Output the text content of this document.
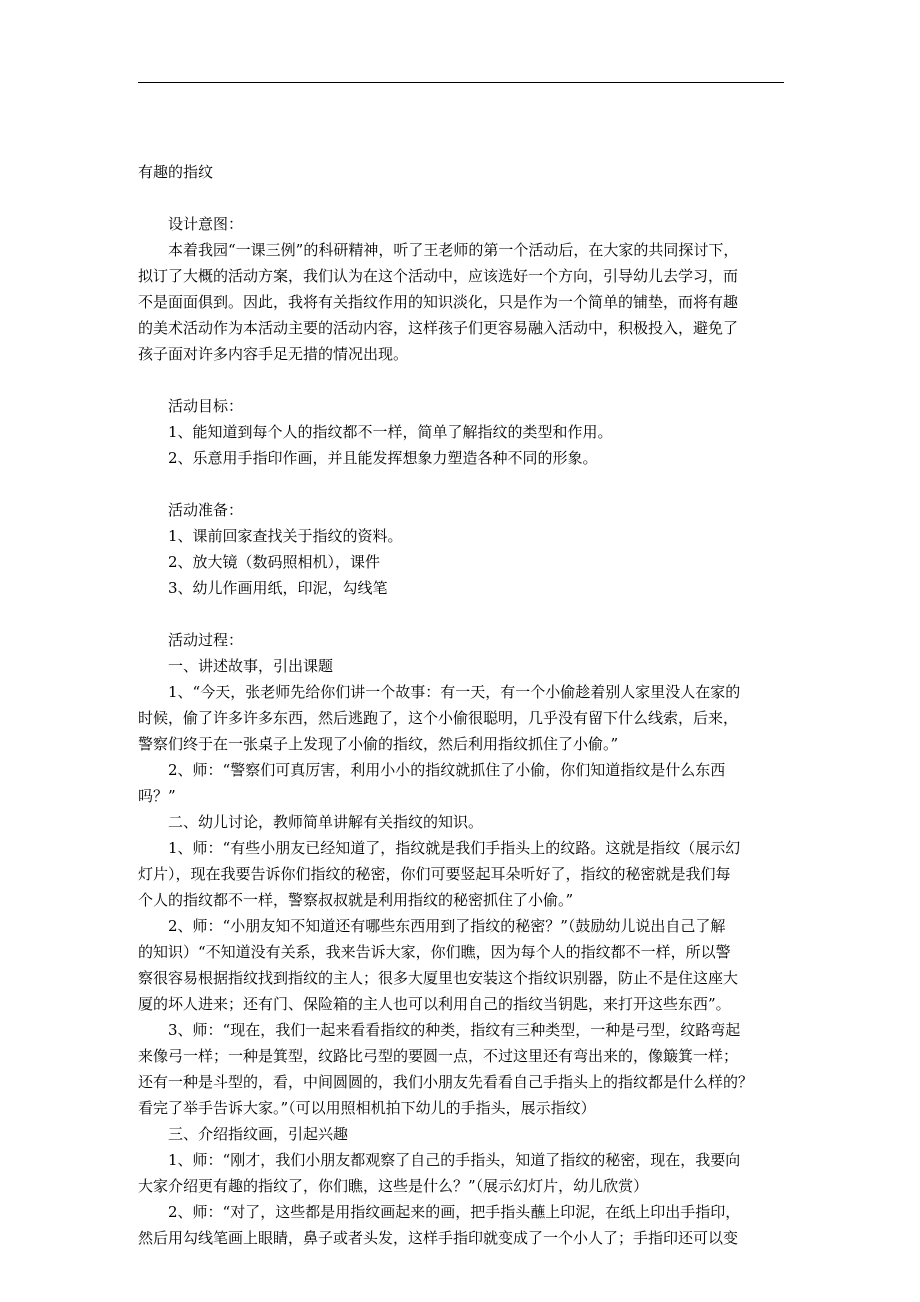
有趣的指纹
设计意图：
本着我园“一课三例”的科研精神，听了王老师的第一个活动后，在大家的共同探讨下，
拟订了大概的活动方案，我们认为在这个活动中，应该选好一个方向，引导幼儿去学习，而
不是面面俱到。因此，我将有关指纹作用的知识淡化，只是作为一个简单的铺垫，而将有趣
的美术活动作为本活动主要的活动内容，这样孩子们更容易融入活动中，积极投入，避免了
孩子面对许多内容手足无措的情况出现。
活动目标：
1、能知道到每个人的指纹都不一样，简单了解指纹的类型和作用。
2、乐意用手指印作画，并且能发挥想象力塑造各种不同的形象。
活动准备：
1、课前回家查找关于指纹的资料。
2、放大镜（数码照相机），课件
3、幼儿作画用纸，印泥，勾线笔
活动过程：
一、讲述故事，引出课题
1、“今天，张老师先给你们讲一个故事：有一天，有一个小偷趁着别人家里没人在家的
时候，偷了许多许多东西，然后逃跑了，这个小偷很聪明，几乎没有留下什么线索，后来，
警察们终于在一张桌子上发现了小偷的指纹，然后利用指纹抓住了小偷。”
2、师：“警察们可真厉害，利用小小的指纹就抓住了小偷，你们知道指纹是什么东西
吗？”
二、幼儿讨论，教师简单讲解有关指纹的知识。
1、师：“有些小朋友已经知道了，指纹就是我们手指头上的纹路。这就是指纹（展示幻
灯片），现在我要告诉你们指纹的秘密，你们可要竖起耳朵听好了，指纹的秘密就是我们每
个人的指纹都不一样，警察叔叔就是利用指纹的秘密抓住了小偷。”
2、师：“小朋友知不知道还有哪些东西用到了指纹的秘密？”（鼓励幼儿说出自己了解
的知识）“不知道没有关系，我来告诉大家，你们瞧，因为每个人的指纹都不一样，所以警
察很容易根据指纹找到指纹的主人；很多大厦里也安装这个指纹识别器，防止不是住这座大
厦的坏人进来；还有门、保险箱的主人也可以利用自己的指纹当钥匙，来打开这些东西”。
3、师：“现在，我们一起来看看指纹的种类，指纹有三种类型，一种是弓型，纹路弯起
来像弓一样；一种是箕型，纹路比弓型的要圆一点，不过这里还有弯出来的，像簸箕一样；
还有一种是斗型的，看，中间圆圆的，我们小朋友先看看自己手指头上的指纹都是什么样的？
看完了举手告诉大家。”（可以用照相机拍下幼儿的手指头，展示指纹）
三、介绍指纹画，引起兴趣
1、师：“刚才，我们小朋友都观察了自己的手指头，知道了指纹的秘密，现在，我要向
大家介绍更有趣的指纹了，你们瞧，这些是什么？”（展示幻灯片，幼儿欣赏）
2、师：“对了，这些都是用指纹画起来的画，把手指头蘸上印泥，在纸上印出手指印，
然后用勾线笔画上眼睛，鼻子或者头发，这样手指印就变成了一个小人了；手指印还可以变
